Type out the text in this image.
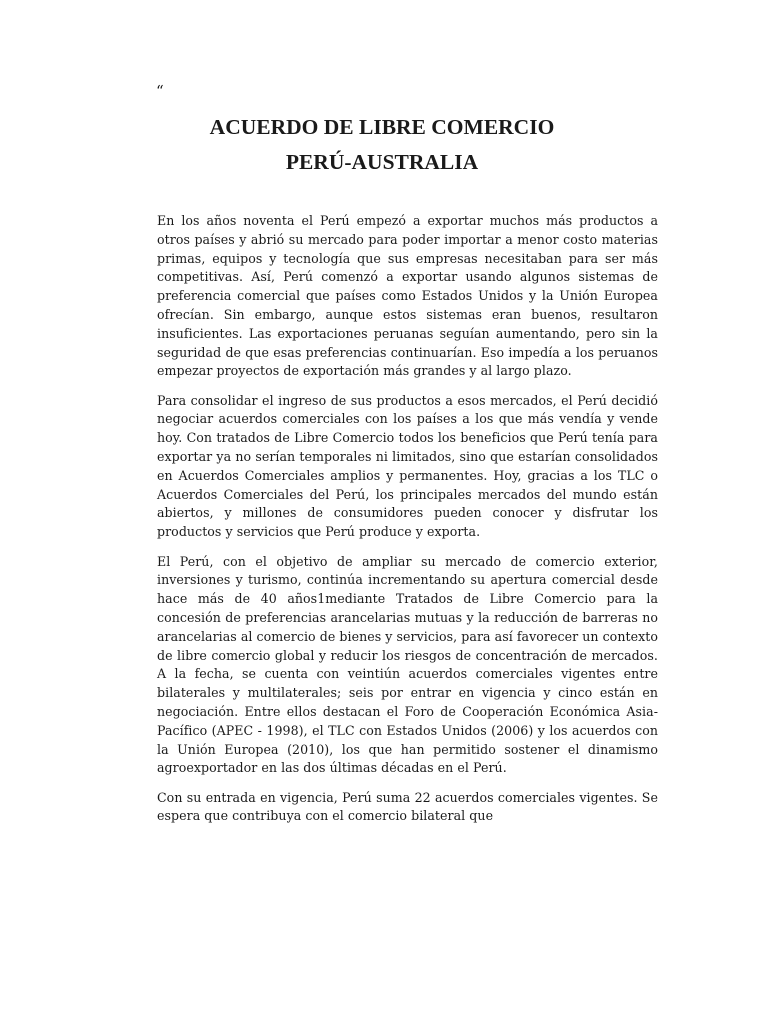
“
ACUERDO DE LIBRE COMERCIO
PERÚ-AUSTRALIA

En los años noventa el Perú empezó a exportar muchos más productos a otros países y abrió su mercado para poder importar a menor costo materias primas, equipos y tecnología que sus empresas necesitaban para ser más competitivas. Así, Perú comenzó a exportar usando algunos sistemas de preferencia comercial que países como Estados Unidos y la Unión Europea ofrecían. Sin embargo, aunque estos sistemas eran buenos, resultaron insuficientes. Las exportaciones peruanas seguían aumentando, pero sin la seguridad de que esas preferencias continuarían. Eso impedía a los peruanos empezar proyectos de exportación más grandes y al largo plazo.

Para consolidar el ingreso de sus productos a esos mercados, el Perú decidió negociar acuerdos comerciales con los países a los que más vendía y vende hoy. Con tratados de Libre Comercio todos los beneficios que Perú tenía para exportar ya no serían temporales ni limitados, sino que estarían consolidados en Acuerdos Comerciales amplios y permanentes. Hoy, gracias a los TLC o Acuerdos Comerciales del Perú, los principales mercados del mundo están abiertos, y millones de consumidores pueden conocer y disfrutar los productos y servicios que Perú produce y exporta.

El Perú, con el objetivo de ampliar su mercado de comercio exterior, inversiones y turismo, continúa incrementando su apertura comercial desde hace más de 40 años1mediante Tratados de Libre Comercio para la concesión de preferencias arancelarias mutuas y la reducción de barreras no arancelarias al comercio de bienes y servicios, para así favorecer un contexto de libre comercio global y reducir los riesgos de concentración de mercados. A la fecha, se cuenta con veintiún acuerdos comerciales vigentes entre bilaterales y multilaterales; seis por entrar en vigencia y cinco están en negociación. Entre ellos destacan el Foro de Cooperación Económica Asia-Pacífico (APEC - 1998), el TLC con Estados Unidos (2006) y los acuerdos con la Unión Europea (2010), los que han permitido sostener el dinamismo agroexportador en las dos últimas décadas en el Perú.

Con su entrada en vigencia, Perú suma 22 acuerdos comerciales vigentes. Se espera que contribuya con el comercio bilateral que
